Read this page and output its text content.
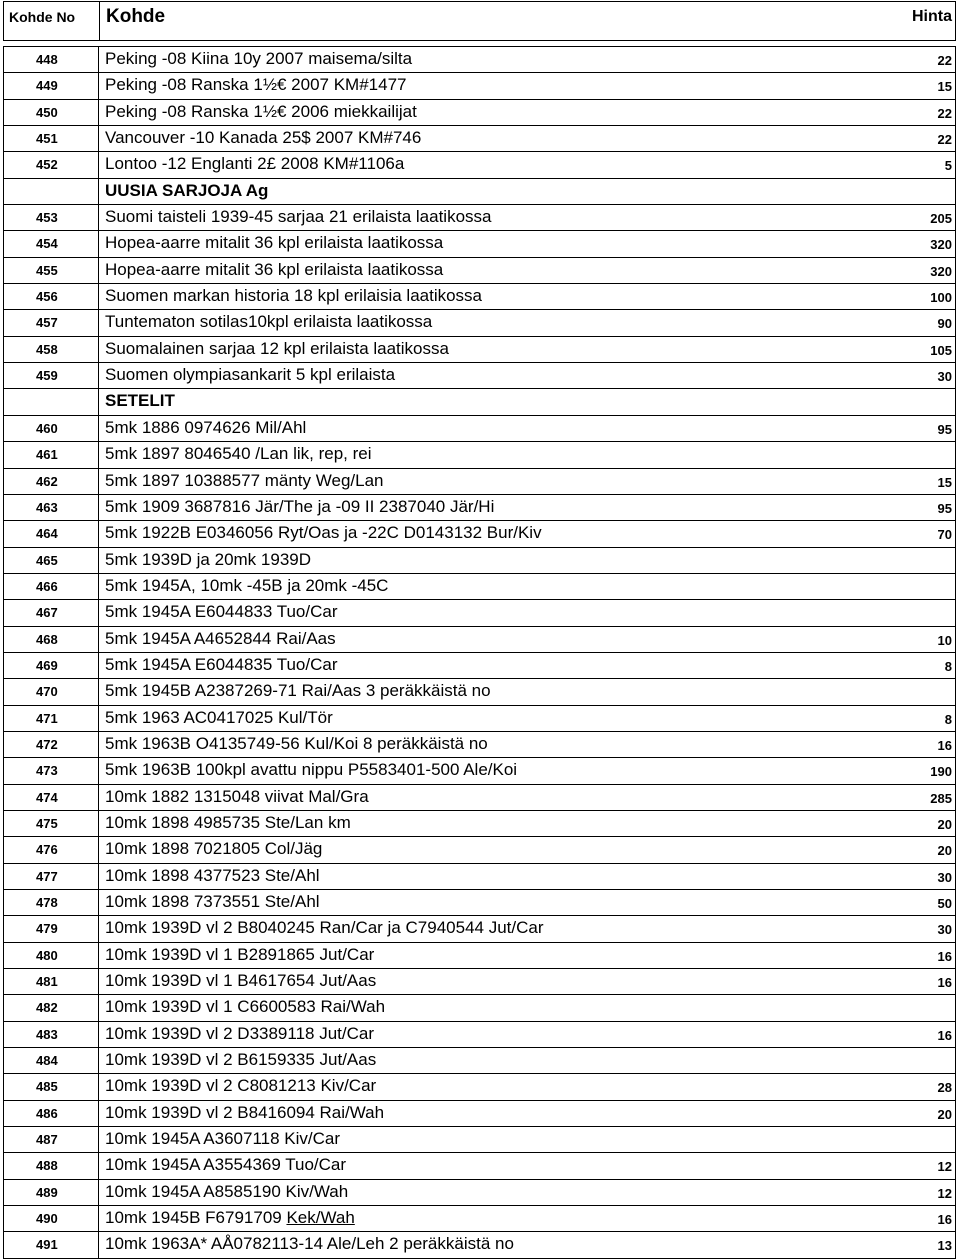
Kohde No Kohde	Hinta
448	Peking -08 Kiina 10y 2007 maisema/silta	22
449	Peking -08 Ranska 1½€ 2007 KM#1477	15
450	Peking -08 Ranska 1½€ 2006 miekkailijat	22
451	Vancouver -10 Kanada 25$ 2007 KM#746	22
452	Lontoo -12 Englanti 2£ 2008 KM#1106a	5
UUSIA SARJOJA Ag
453	Suomi taisteli 1939-45 sarjaa 21 erilaista laatikossa	205
454	Hopea-aarre mitalit 36 kpl erilaista laatikossa	320
455	Hopea-aarre mitalit 36 kpl erilaista laatikossa	320
456	Suomen markan historia 18 kpl erilaisia laatikossa	100
457	Tuntematon sotilas10kpl erilaista laatikossa	90
458	Suomalainen sarjaa 12 kpl erilaista laatikossa	105
459	Suomen olympiasankarit 5 kpl erilaista	30
SETELIT
460	5mk 1886 0974626 Mil/Ahl	95
461	5mk 1897 8046540 /Lan lik, rep, rei
462	5mk 1897 10388577 mänty Weg/Lan	15
463	5mk 1909 3687816 Jär/The ja -09 II 2387040 Jär/Hi	95
464	5mk 1922B E0346056 Ryt/Oas ja -22C D0143132 Bur/Kiv	70
465	5mk 1939D ja 20mk 1939D
466	5mk 1945A, 10mk -45B ja 20mk -45C
467	5mk 1945A E6044833 Tuo/Car
468	5mk 1945A A4652844 Rai/Aas	10
469	5mk 1945A E6044835 Tuo/Car	8
470	5mk 1945B A2387269-71 Rai/Aas 3 peräkkäistä no
471	5mk 1963 AC0417025 Kul/Tör	8
472	5mk 1963B O4135749-56 Kul/Koi 8 peräkkäistä no	16
473	5mk 1963B 100kpl avattu nippu P5583401-500 Ale/Koi	190
474	10mk 1882 1315048 viivat Mal/Gra	285
475	10mk 1898 4985735 Ste/Lan km	20
476	10mk 1898 7021805 Col/Jäg	20
477	10mk 1898 4377523 Ste/Ahl	30
478	10mk 1898 7373551 Ste/Ahl	50
479	10mk 1939D vl 2 B8040245 Ran/Car ja C7940544 Jut/Car	30
480	10mk 1939D vl 1 B2891865 Jut/Car	16
481	10mk 1939D vl 1 B4617654 Jut/Aas	16
482	10mk 1939D vl 1 C6600583 Rai/Wah
483	10mk 1939D vl 2 D3389118 Jut/Car	16
484	10mk 1939D vl 2 B6159335 Jut/Aas
485	10mk 1939D vl 2 C8081213 Kiv/Car	28
486	10mk 1939D vl 2 B8416094 Rai/Wah	20
487	10mk 1945A A3607118 Kiv/Car
488	10mk 1945A A3554369 Tuo/Car	12
489	10mk 1945A A8585190 Kiv/Wah	12
490	10mk 1945B F6791709 Kek/Wah	16
491	10mk 1963A* AÅ0782113-14 Ale/Leh 2 peräkkäistä no	13
